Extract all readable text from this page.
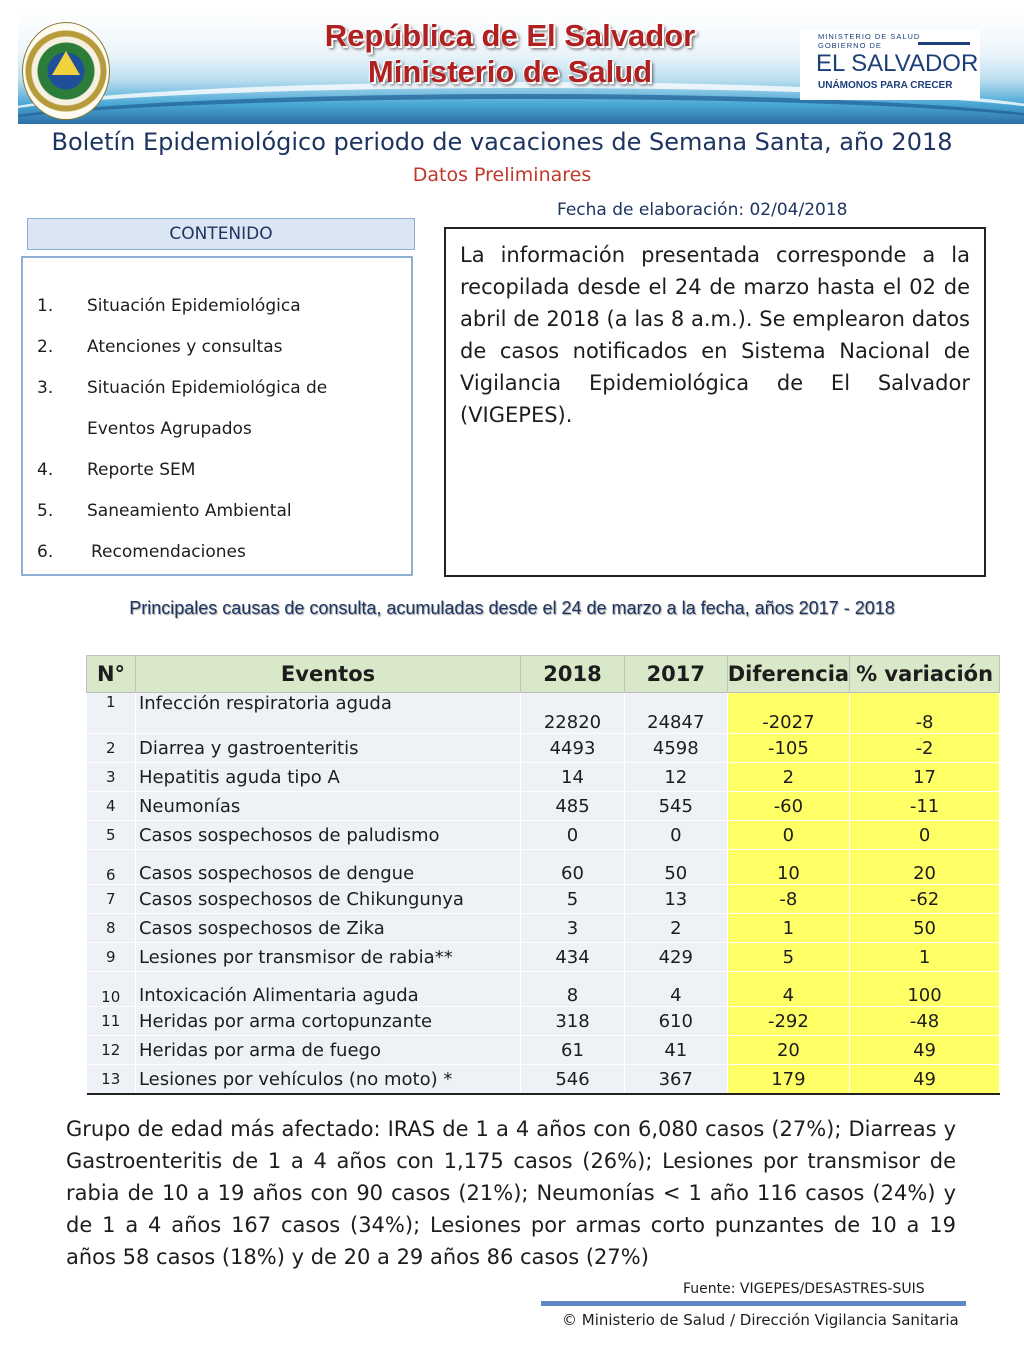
República de El Salvador
Ministerio de Salud
MINISTERIO DE SALUD
GOBIERNO DE
EL SALVADOR
UNÁMONOS PARA CRECER
Boletín Epidemiológico periodo de vacaciones de Semana Santa, año 2018
Datos Preliminares
Fecha de elaboración: 02/04/2018
CONTENIDO
1. Situación Epidemiológica
2. Atenciones y consultas
3. Situación Epidemiológica de
Eventos Agrupados
4. Reporte SEM
5. Saneamiento Ambiental
6. Recomendaciones
La información presentada corresponde a la recopilada desde el 24 de marzo hasta el 02 de abril de 2018 (a las 8 a.m.). Se emplearon datos de casos notificados en Sistema Nacional de Vigilancia Epidemiológica de El Salvador (VIGEPES).
Principales causas de consulta, acumuladas desde el 24 de marzo a la fecha, años 2017 - 2018
N°	Eventos	2018	2017	Diferencia	% variación
1	Infección respiratoria aguda	22820	24847	-2027	-8
2	Diarrea y gastroenteritis	4493	4598	-105	-2
3	Hepatitis aguda tipo A	14	12	2	17
4	Neumonías	485	545	-60	-11
5	Casos sospechosos de paludismo	0	0	0	0
6	Casos sospechosos de dengue	60	50	10	20
7	Casos sospechosos de Chikungunya	5	13	-8	-62
8	Casos sospechosos de Zika	3	2	1	50
9	Lesiones por transmisor de rabia**	434	429	5	1
10	Intoxicación Alimentaria aguda	8	4	4	100
11	Heridas por arma cortopunzante	318	610	-292	-48
12	Heridas por arma de fuego	61	41	20	49
13	Lesiones por vehículos (no moto) *	546	367	179	49
Grupo de edad más afectado: IRAS de 1 a 4 años con 6,080 casos (27%); Diarreas y Gastroenteritis de 1 a 4 años con 1,175 casos (26%); Lesiones por transmisor de rabia de 10 a 19 años con 90 casos (21%); Neumonías < 1 año 116 casos (24%) y de 1 a 4 años 167 casos (34%); Lesiones por armas corto punzantes de 10 a 19 años 58 casos (18%) y de 20 a 29 años 86 casos (27%)
Fuente: VIGEPES/DESASTRES-SUIS
© Ministerio de Salud / Dirección Vigilancia Sanitaria
